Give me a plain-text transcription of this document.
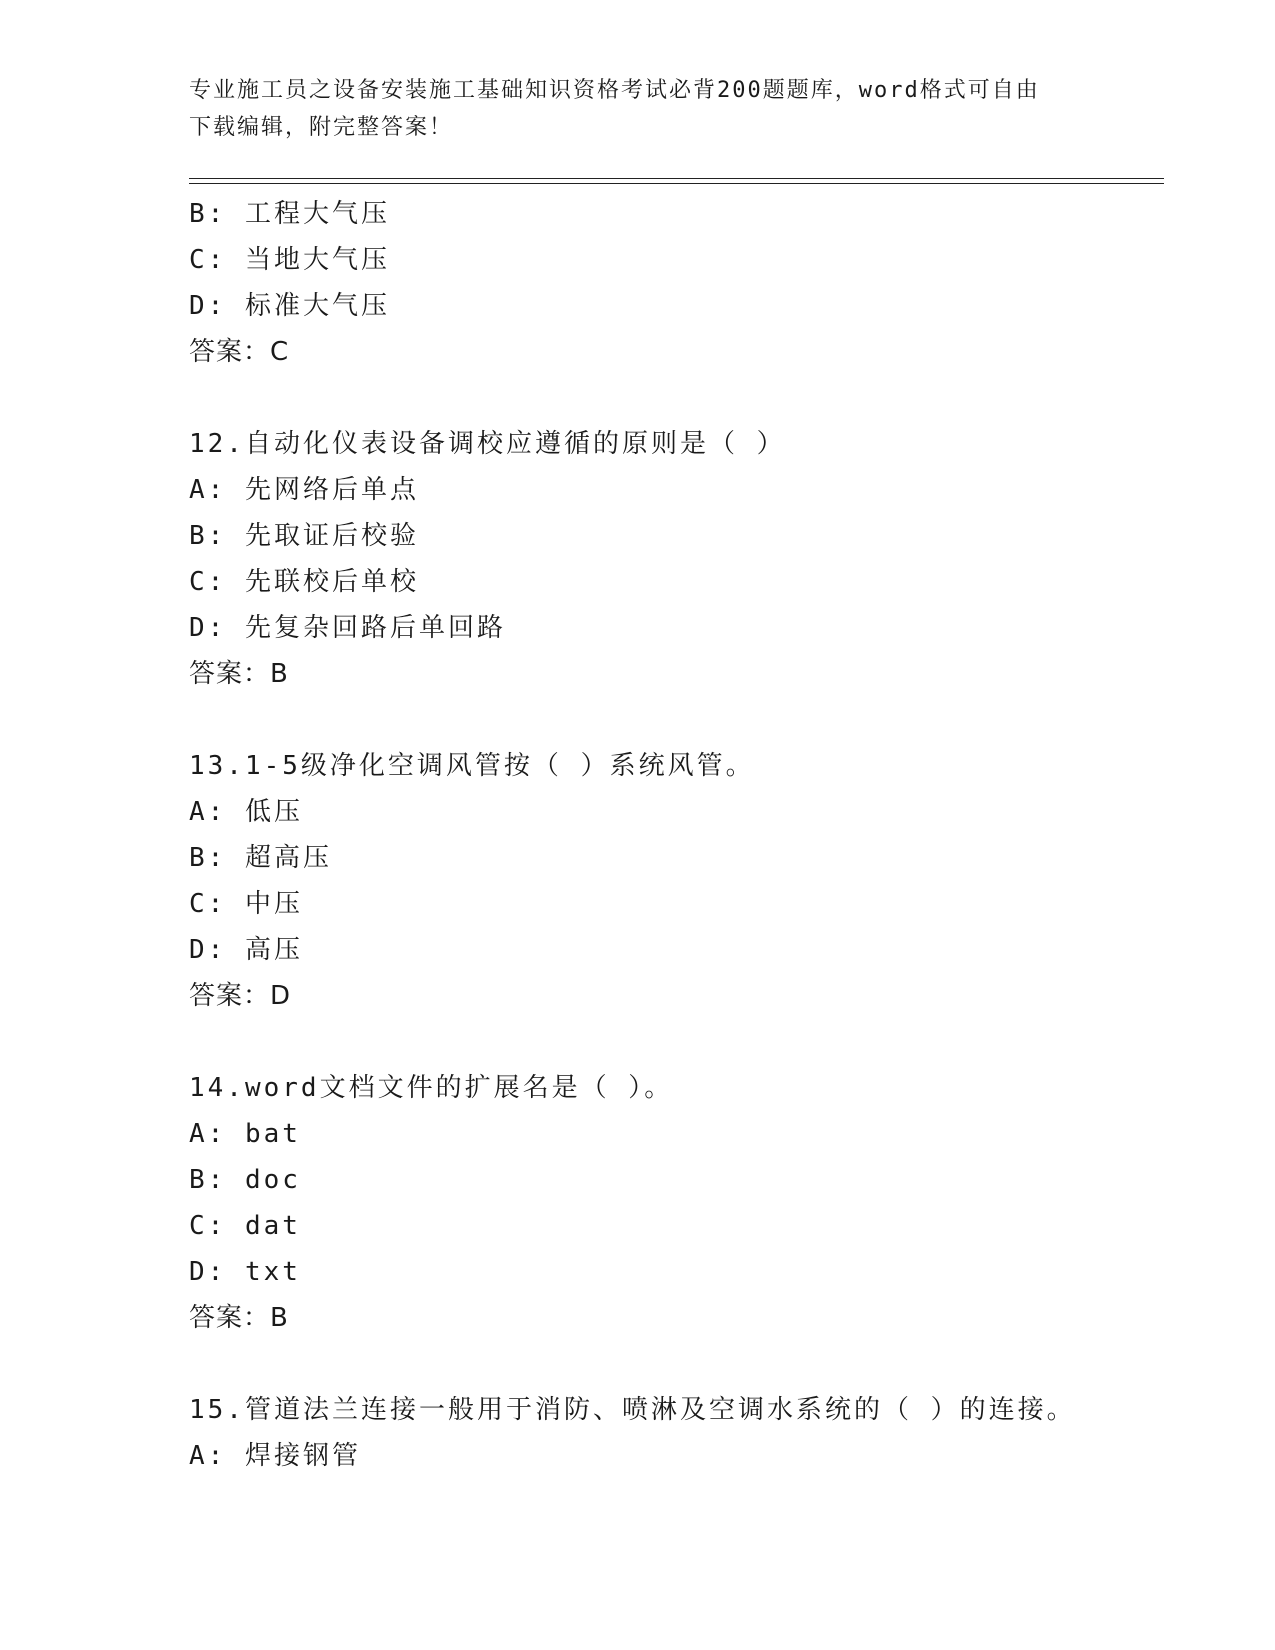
专业施工员之设备安装施工基础知识资格考试必背200题题库，word格式可自由
下载编辑，附完整答案！
B: 工程大气压
C: 当地大气压
D: 标准大气压
答案：C
12.自动化仪表设备调校应遵循的原则是（ ）
A: 先网络后单点
B: 先取证后校验
C: 先联校后单校
D: 先复杂回路后单回路
答案：B
13.1-5级净化空调风管按（ ）系统风管。
A: 低压
B: 超高压
C: 中压
D: 高压
答案：D
14.word文档文件的扩展名是（ ）。
A: bat
B: doc
C: dat
D: txt
答案：B
15.管道法兰连接一般用于消防、喷淋及空调水系统的（ ）的连接。
A: 焊接钢管
